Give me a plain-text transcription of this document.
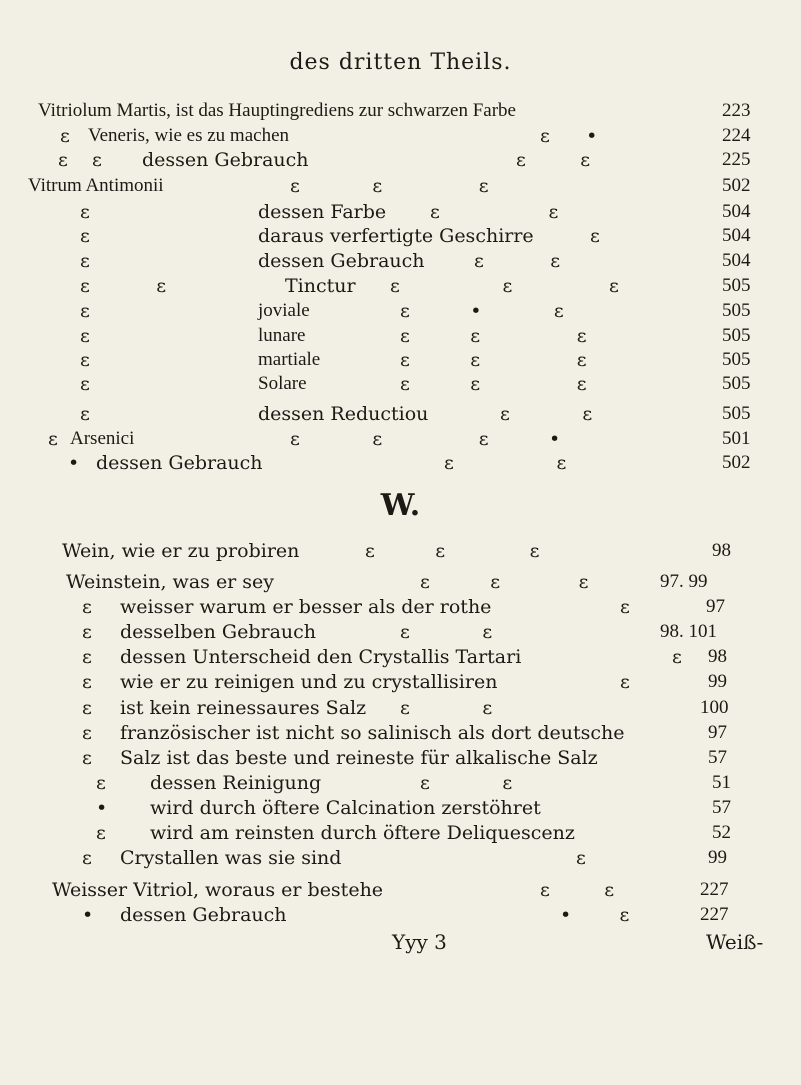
des dritten Theils.
Vitriolum Martis, ist das Hauptingrediens zur schwarzen Farbe	223
ε Veneris, wie es zu machen	ε      •	224
ε    ε dessen Gebrauch	ε         ε	225
Vitrum Antimonii	ε            ε                ε	502
ε	dessen Farbe ε                  ε	504
ε	daraus verfertigte Geschirre	ε	504
ε	dessen Gebrauch	ε           ε	504
ε           ε	Tinctur ε                 ε                ε	505
ε	joviale	ε          •            ε	505
ε	lunare	ε          ε                ε	505
ε	martiale	ε          ε                ε	505
ε	Solare	ε          ε                ε	505
ε	dessen Reductiou	ε            ε	505
ε Arsenici	ε            ε                ε          •	501
• dessen Gebrauch	ε                 ε	502
W.
Wein, wie er zu probiren	ε          ε              ε	98
Weinstein, was er sey	ε          ε             ε	97. 99
ε weisser warum er besser als der rothe	ε	97
ε desselben Gebrauch	ε            ε	98. 101
ε dessen Unterscheid den Crystallis Tartari	ε 98
ε wie er zu reinigen und zu crystallisiren	ε	99
ε ist kein reinessaures Salz ε            ε	100
ε französischer ist nicht so salinisch als dort deutsche	97
ε Salz ist das beste und reineste für alkalische Salz	57
ε dessen Reinigung	ε            ε	51
• wird durch öftere Calcination zerstöhret	57
ε wird am reinsten durch öftere Deliquescenz	52
ε Crystallen was sie sind	ε	99
Weisser Vitriol, woraus er bestehe	ε         ε	227
• dessen Gebrauch	•        ε	227
Yyy 3	Weiß-
